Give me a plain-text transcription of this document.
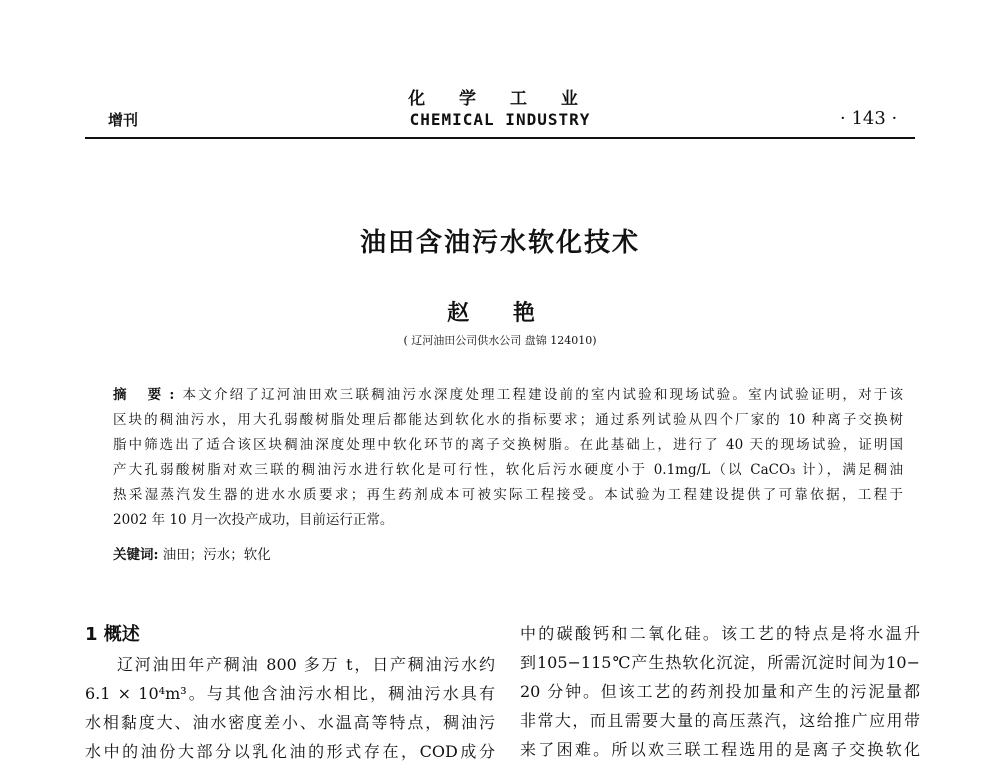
化 学 工 业
增刊	CHEMICAL INDUSTRY	· 143 ·
油田含油污水软化技术
赵 艳
( 辽河油田公司供水公司 盘锦 124010)
摘 要:本文介绍了辽河油田欢三联稠油污水深度处理工程建设前的室内试验和现场试验。室内试验证明，对于该
区块的稠油污水，用大孔弱酸树脂处理后都能达到软化水的指标要求；通过系列试验从四个厂家的 10 种离子交换树
脂中筛选出了适合该区块稠油深度处理中软化环节的离子交换树脂。在此基础上，进行了 40 天的现场试验，证明国
产大孔弱酸树脂对欢三联的稠油污水进行软化是可行性，软化后污水硬度小于 0.1mg/L（以 CaCO₃ 计），满足稠油
热采湿蒸汽发生器的进水水质要求；再生药剂成本可被实际工程接受。本试验为工程建设提供了可靠依据，工程于
2002 年 10 月一次投产成功，目前运行正常。
关键词: 油田；污水；软化
1 概述
辽河油田年产稠油 800 多万 t，日产稠油污水约
6.1 × 10⁴m³。与其他含油污水相比，稠油污水具有
水相黏度大、油水密度差小、水温高等特点，稠油污
水中的油份大部分以乳化油的形式存在，COD成分
中的碳酸钙和二氧化硅。该工艺的特点是将水温升
到105−115℃产生热软化沉淀，所需沉淀时间为10−
20 分钟。但该工艺的药剂投加量和产生的污泥量都
非常大，而且需要大量的高压蒸汽，这给推广应用带
来了困难。所以欢三联工程选用的是离子交换软化
